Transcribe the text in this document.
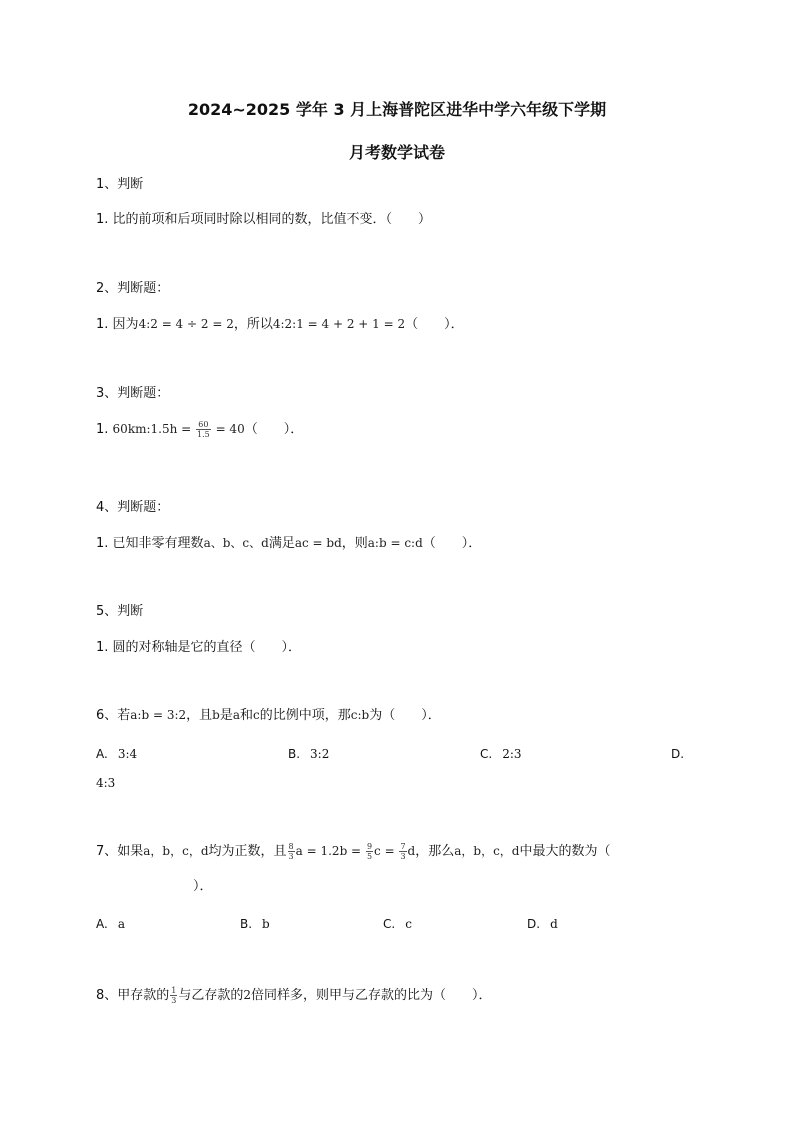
2024~2025 学年 3 月上海普陀区进华中学六年级下学期
月考数学试卷
1、判断
1. 比的前项和后项同时除以相同的数，比值不变．（　　）
2、判断题：
1. 因为4:2 = 4 ÷ 2 = 2，所以4:2:1 = 4 + 2 + 1 = 2（　　）．
3、判断题：
1. 60km:1.5h = $\frac{60}{1.5} = 40$（　　）．
4、判断题：
1. 已知非零有理数a、b、c、d满足ac = bd，则a:b = c:d（　　）．
5、判断
1. 圆的对称轴是它的直径（　　）．
6、若a:b = 3:2，且b是a和c的比例中项，那c:b为（　　）．
A. 3:4	B. 3:2	C. 2:3	D.
4:3
7、如果a，b，c，d均为正数，且 $\frac{8}{3}$ $a = 1.2b = \frac{9}{5}$ $c = \frac{7}{3}$ d，那么a，b，c，d中最大的数为（
）．
A. a	B. b	C. c	D. d
8、甲存款的 $\frac{1}{3}$ 与乙存款的2倍同样多，则甲与乙存款的比为（　　）．
